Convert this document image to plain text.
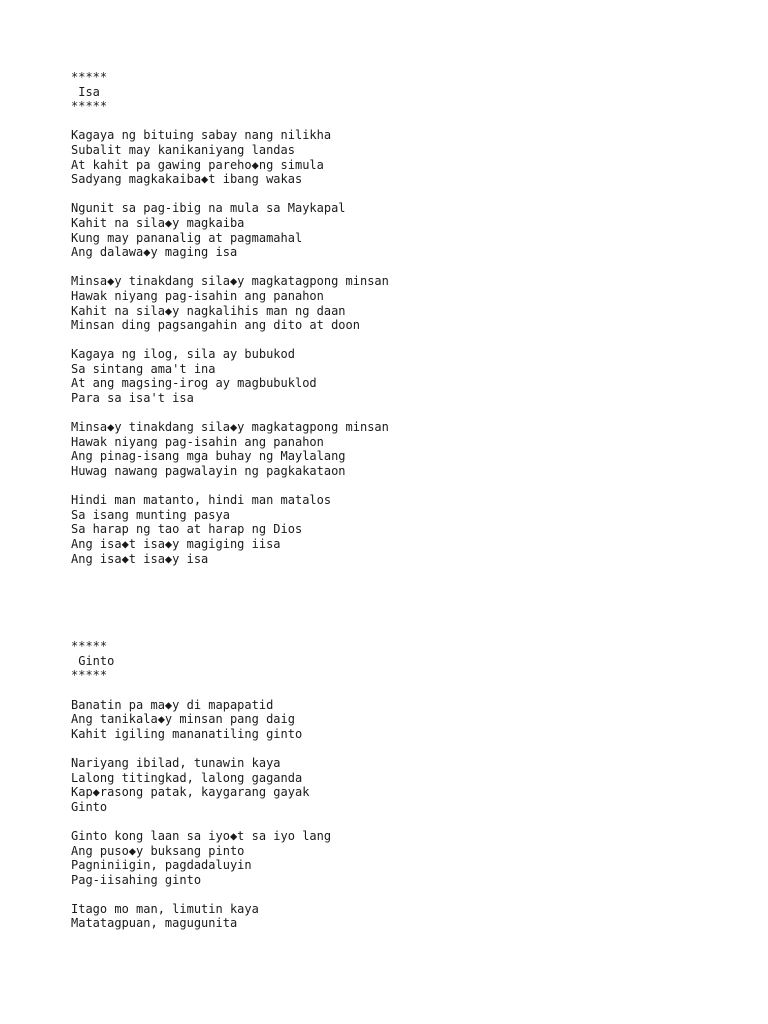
*****
Isa
*****
Kagaya ng bituing sabay nang nilikha
Subalit may kanikaniyang landas
At kahit pa gawing pareho◆ng simula
Sadyang magkakaiba◆t ibang wakas
Ngunit sa pag-ibig na mula sa Maykapal
Kahit na sila◆y magkaiba
Kung may pananalig at pagmamahal
Ang dalawa◆y maging isa
Minsa◆y tinakdang sila◆y magkatagpong minsan
Hawak niyang pag-isahin ang panahon
Kahit na sila◆y nagkalihis man ng daan
Minsan ding pagsangahin ang dito at doon
Kagaya ng ilog, sila ay bubukod
Sa sintang ama't ina
At ang magsing-irog ay magbubuklod
Para sa isa't isa
Minsa◆y tinakdang sila◆y magkatagpong minsan
Hawak niyang pag-isahin ang panahon
Ang pinag-isang mga buhay ng Maylalang
Huwag nawang pagwalayin ng pagkakataon
Hindi man matanto, hindi man matalos
Sa isang munting pasya
Sa harap ng tao at harap ng Dios
Ang isa◆t isa◆y magiging iisa
Ang isa◆t isa◆y isa
*****
Ginto
*****
Banatin pa ma◆y di mapapatid
Ang tanikala◆y minsan pang daig
Kahit igiling mananatiling ginto
Nariyang ibilad, tunawin kaya
Lalong titingkad, lalong gaganda
Kap◆rasong patak, kaygarang gayak
Ginto
Ginto kong laan sa iyo◆t sa iyo lang
Ang puso◆y buksang pinto
Pagniniigin, pagdadaluyin
Pag-iisahing ginto
Itago mo man, limutin kaya
Matatagpuan, magugunita
